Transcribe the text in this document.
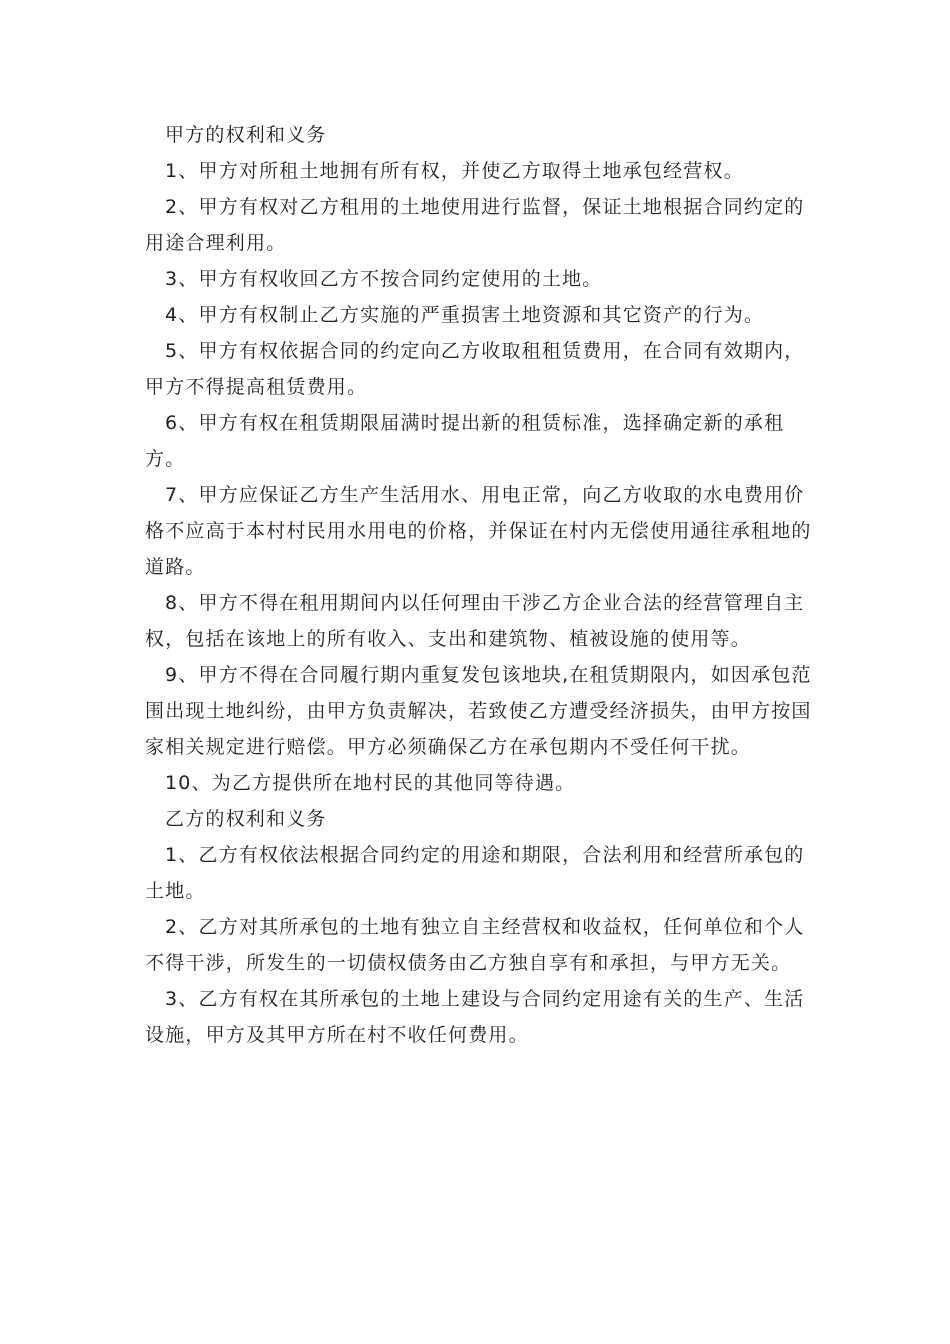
甲方的权利和义务

1、甲方对所租土地拥有所有权，并使乙方取得土地承包经营权。

2、甲方有权对乙方租用的土地使用进行监督，保证土地根据合同约定的用途合理利用。

3、甲方有权收回乙方不按合同约定使用的土地。

4、甲方有权制止乙方实施的严重损害土地资源和其它资产的行为。

5、甲方有权依据合同的约定向乙方收取租租赁费用，在合同有效期内，甲方不得提高租赁费用。

6、甲方有权在租赁期限届满时提出新的租赁标准，选择确定新的承租方。

7、甲方应保证乙方生产生活用水、用电正常，向乙方收取的水电费用价格不应高于本村村民用水用电的价格，并保证在村内无偿使用通往承租地的道路。

8、甲方不得在租用期间内以任何理由干涉乙方企业合法的经营管理自主权，包括在该地上的所有收入、支出和建筑物、植被设施的使用等。

9、甲方不得在合同履行期内重复发包该地块,在租赁期限内，如因承包范围出现土地纠纷，由甲方负责解决，若致使乙方遭受经济损失，由甲方按国家相关规定进行赔偿。甲方必须确保乙方在承包期内不受任何干扰。

10、为乙方提供所在地村民的其他同等待遇。

乙方的权利和义务

1、乙方有权依法根据合同约定的用途和期限，合法利用和经营所承包的土地。

2、乙方对其所承包的土地有独立自主经营权和收益权，任何单位和个人不得干涉，所发生的一切债权债务由乙方独自享有和承担，与甲方无关。

3、乙方有权在其所承包的土地上建设与合同约定用途有关的生产、生活设施，甲方及其甲方所在村不收任何费用。
